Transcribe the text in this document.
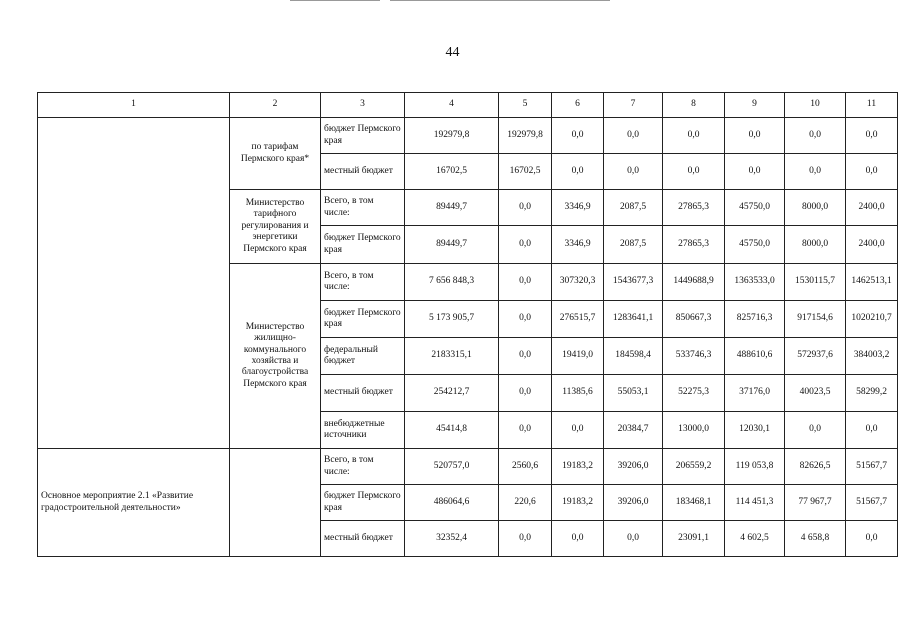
44
1	2	3	4	5	6	7	8	9	10	11
	по тарифам Пермского края*	бюджет Пермского края	192979,8	192979,8	0,0	0,0	0,0	0,0	0,0	0,0
		местный бюджет	16702,5	16702,5	0,0	0,0	0,0	0,0	0,0	0,0
	Министерство тарифного регулирования и энергетики Пермского края	Всего, в том числе:	89449,7	0,0	3346,9	2087,5	27865,3	45750,0	8000,0	2400,0
		бюджет Пермского края	89449,7	0,0	3346,9	2087,5	27865,3	45750,0	8000,0	2400,0
	Министерство жилищно-коммунального хозяйства и благоустройства Пермского края	Всего, в том числе:	7 656 848,3	0,0	307320,3	1543677,3	1449688,9	1363533,0	1530115,7	1462513,1
		бюджет Пермского края	5 173 905,7	0,0	276515,7	1283641,1	850667,3	825716,3	917154,6	1020210,7
		федеральный бюджет	2183315,1	0,0	19419,0	184598,4	533746,3	488610,6	572937,6	384003,2
		местный бюджет	254212,7	0,0	11385,6	55053,1	52275,3	37176,0	40023,5	58299,2
		внебюджетные источники	45414,8	0,0	0,0	20384,7	13000,0	12030,1	0,0	0,0
Основное мероприятие 2.1 «Развитие градостроительной деятельности»		Всего, в том числе:	520757,0	2560,6	19183,2	39206,0	206559,2	119 053,8	82626,5	51567,7
		бюджет Пермского края	486064,6	220,6	19183,2	39206,0	183468,1	114 451,3	77 967,7	51567,7
		местный бюджет	32352,4	0,0	0,0	0,0	23091,1	4 602,5	4 658,8	0,0
